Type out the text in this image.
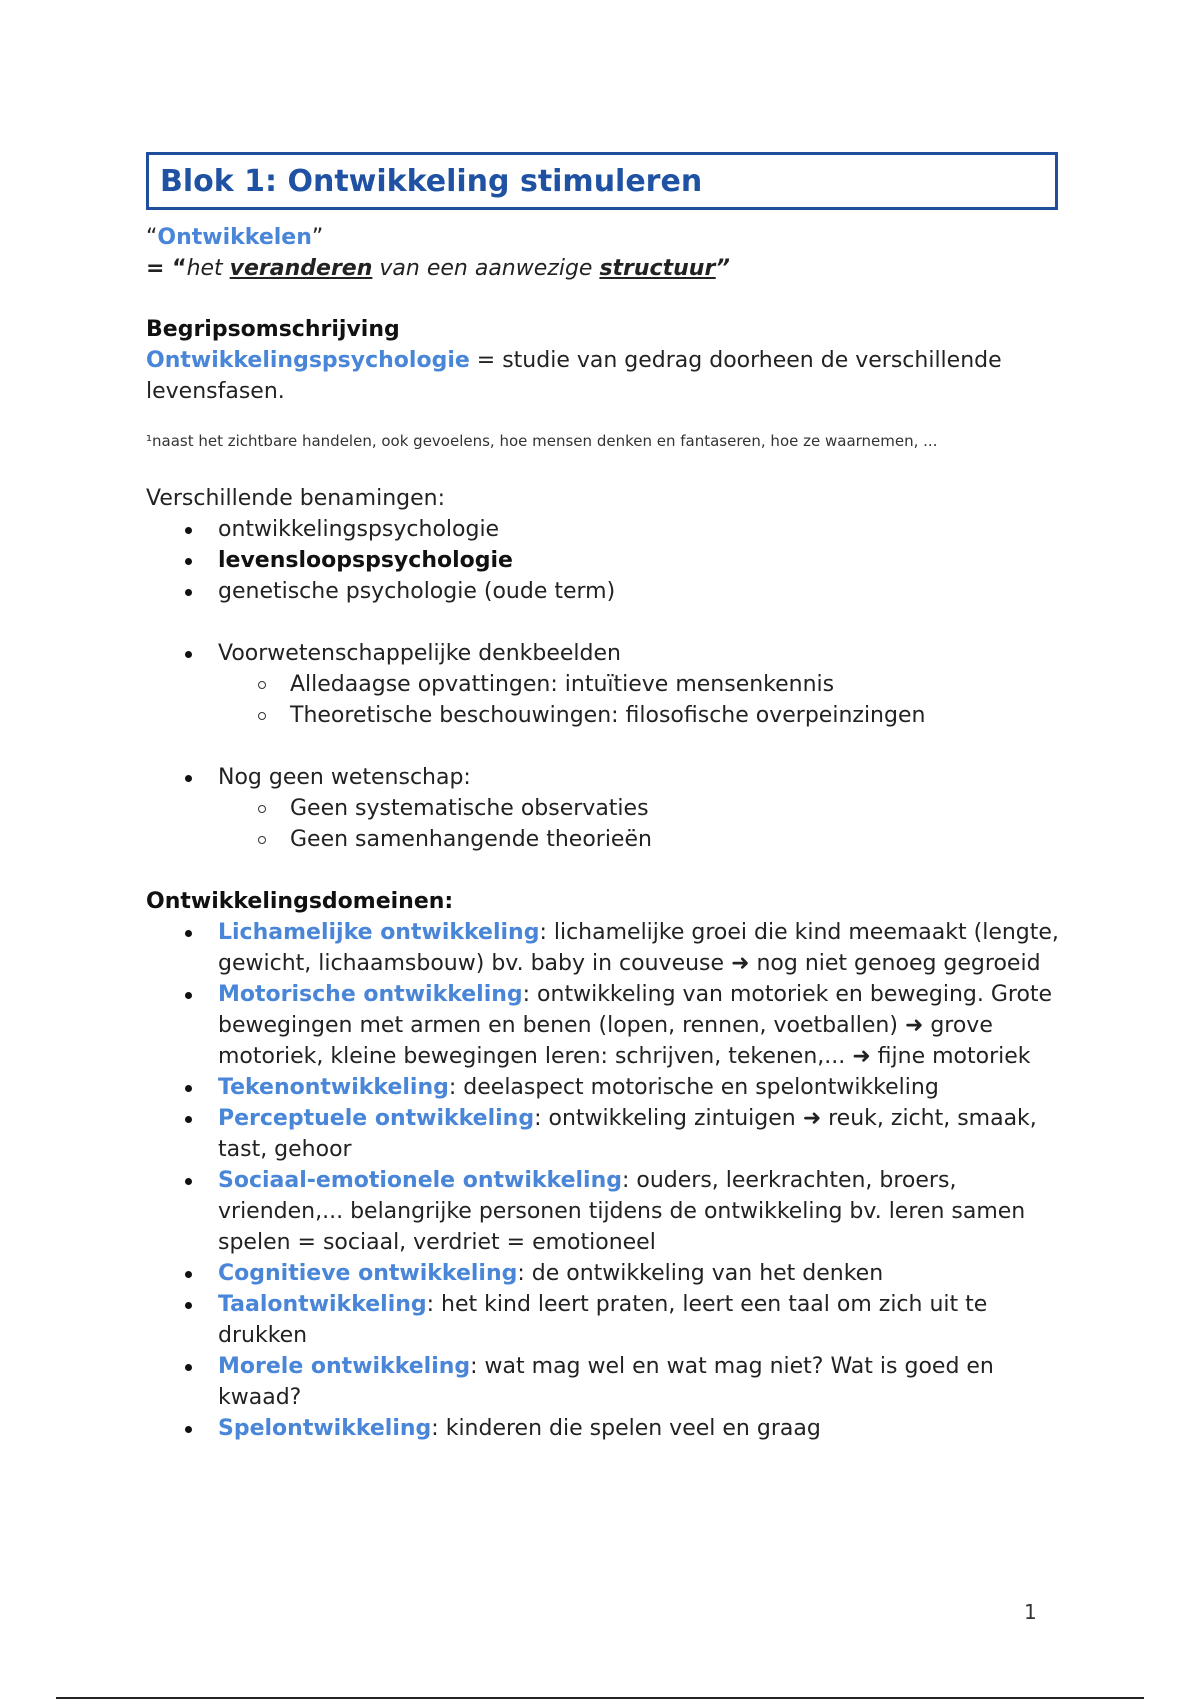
Blok 1: Ontwikkeling stimuleren
“Ontwikkelen”
= “het veranderen van een aanwezige structuur”
Begripsomschrijving
Ontwikkelingspsychologie = studie van gedrag doorheen de verschillende levensfasen.
¹naast het zichtbare handelen, ook gevoelens, hoe mensen denken en fantaseren, hoe ze waarnemen, ...
Verschillende benamingen:
ontwikkelingspsychologie
levensloopspsychologie
genetische psychologie (oude term)
Voorwetenschappelijke denkbeelden
Alledaagse opvattingen: intuïtieve mensenkennis
Theoretische beschouwingen: filosofische overpeinzingen
Nog geen wetenschap:
Geen systematische observaties
Geen samenhangende theorieën
Ontwikkelingsdomeinen:
Lichamelijke ontwikkeling: lichamelijke groei die kind meemaakt (lengte, gewicht, lichaamsbouw) bv. baby in couveuse ➜ nog niet genoeg gegroeid
Motorische ontwikkeling: ontwikkeling van motoriek en beweging. Grote bewegingen met armen en benen (lopen, rennen, voetballen) ➜ grove motoriek, kleine bewegingen leren: schrijven, tekenen,... ➜ fijne motoriek
Tekenontwikkeling: deelaspect motorische en spelontwikkeling
Perceptuele ontwikkeling: ontwikkeling zintuigen ➜ reuk, zicht, smaak, tast, gehoor
Sociaal-emotionele ontwikkeling: ouders, leerkrachten, broers, vrienden,... belangrijke personen tijdens de ontwikkeling bv. leren samen spelen = sociaal, verdriet = emotioneel
Cognitieve ontwikkeling: de ontwikkeling van het denken
Taalontwikkeling: het kind leert praten, leert een taal om zich uit te drukken
Morele ontwikkeling: wat mag wel en wat mag niet? Wat is goed en kwaad?
Spelontwikkeling: kinderen die spelen veel en graag
1
